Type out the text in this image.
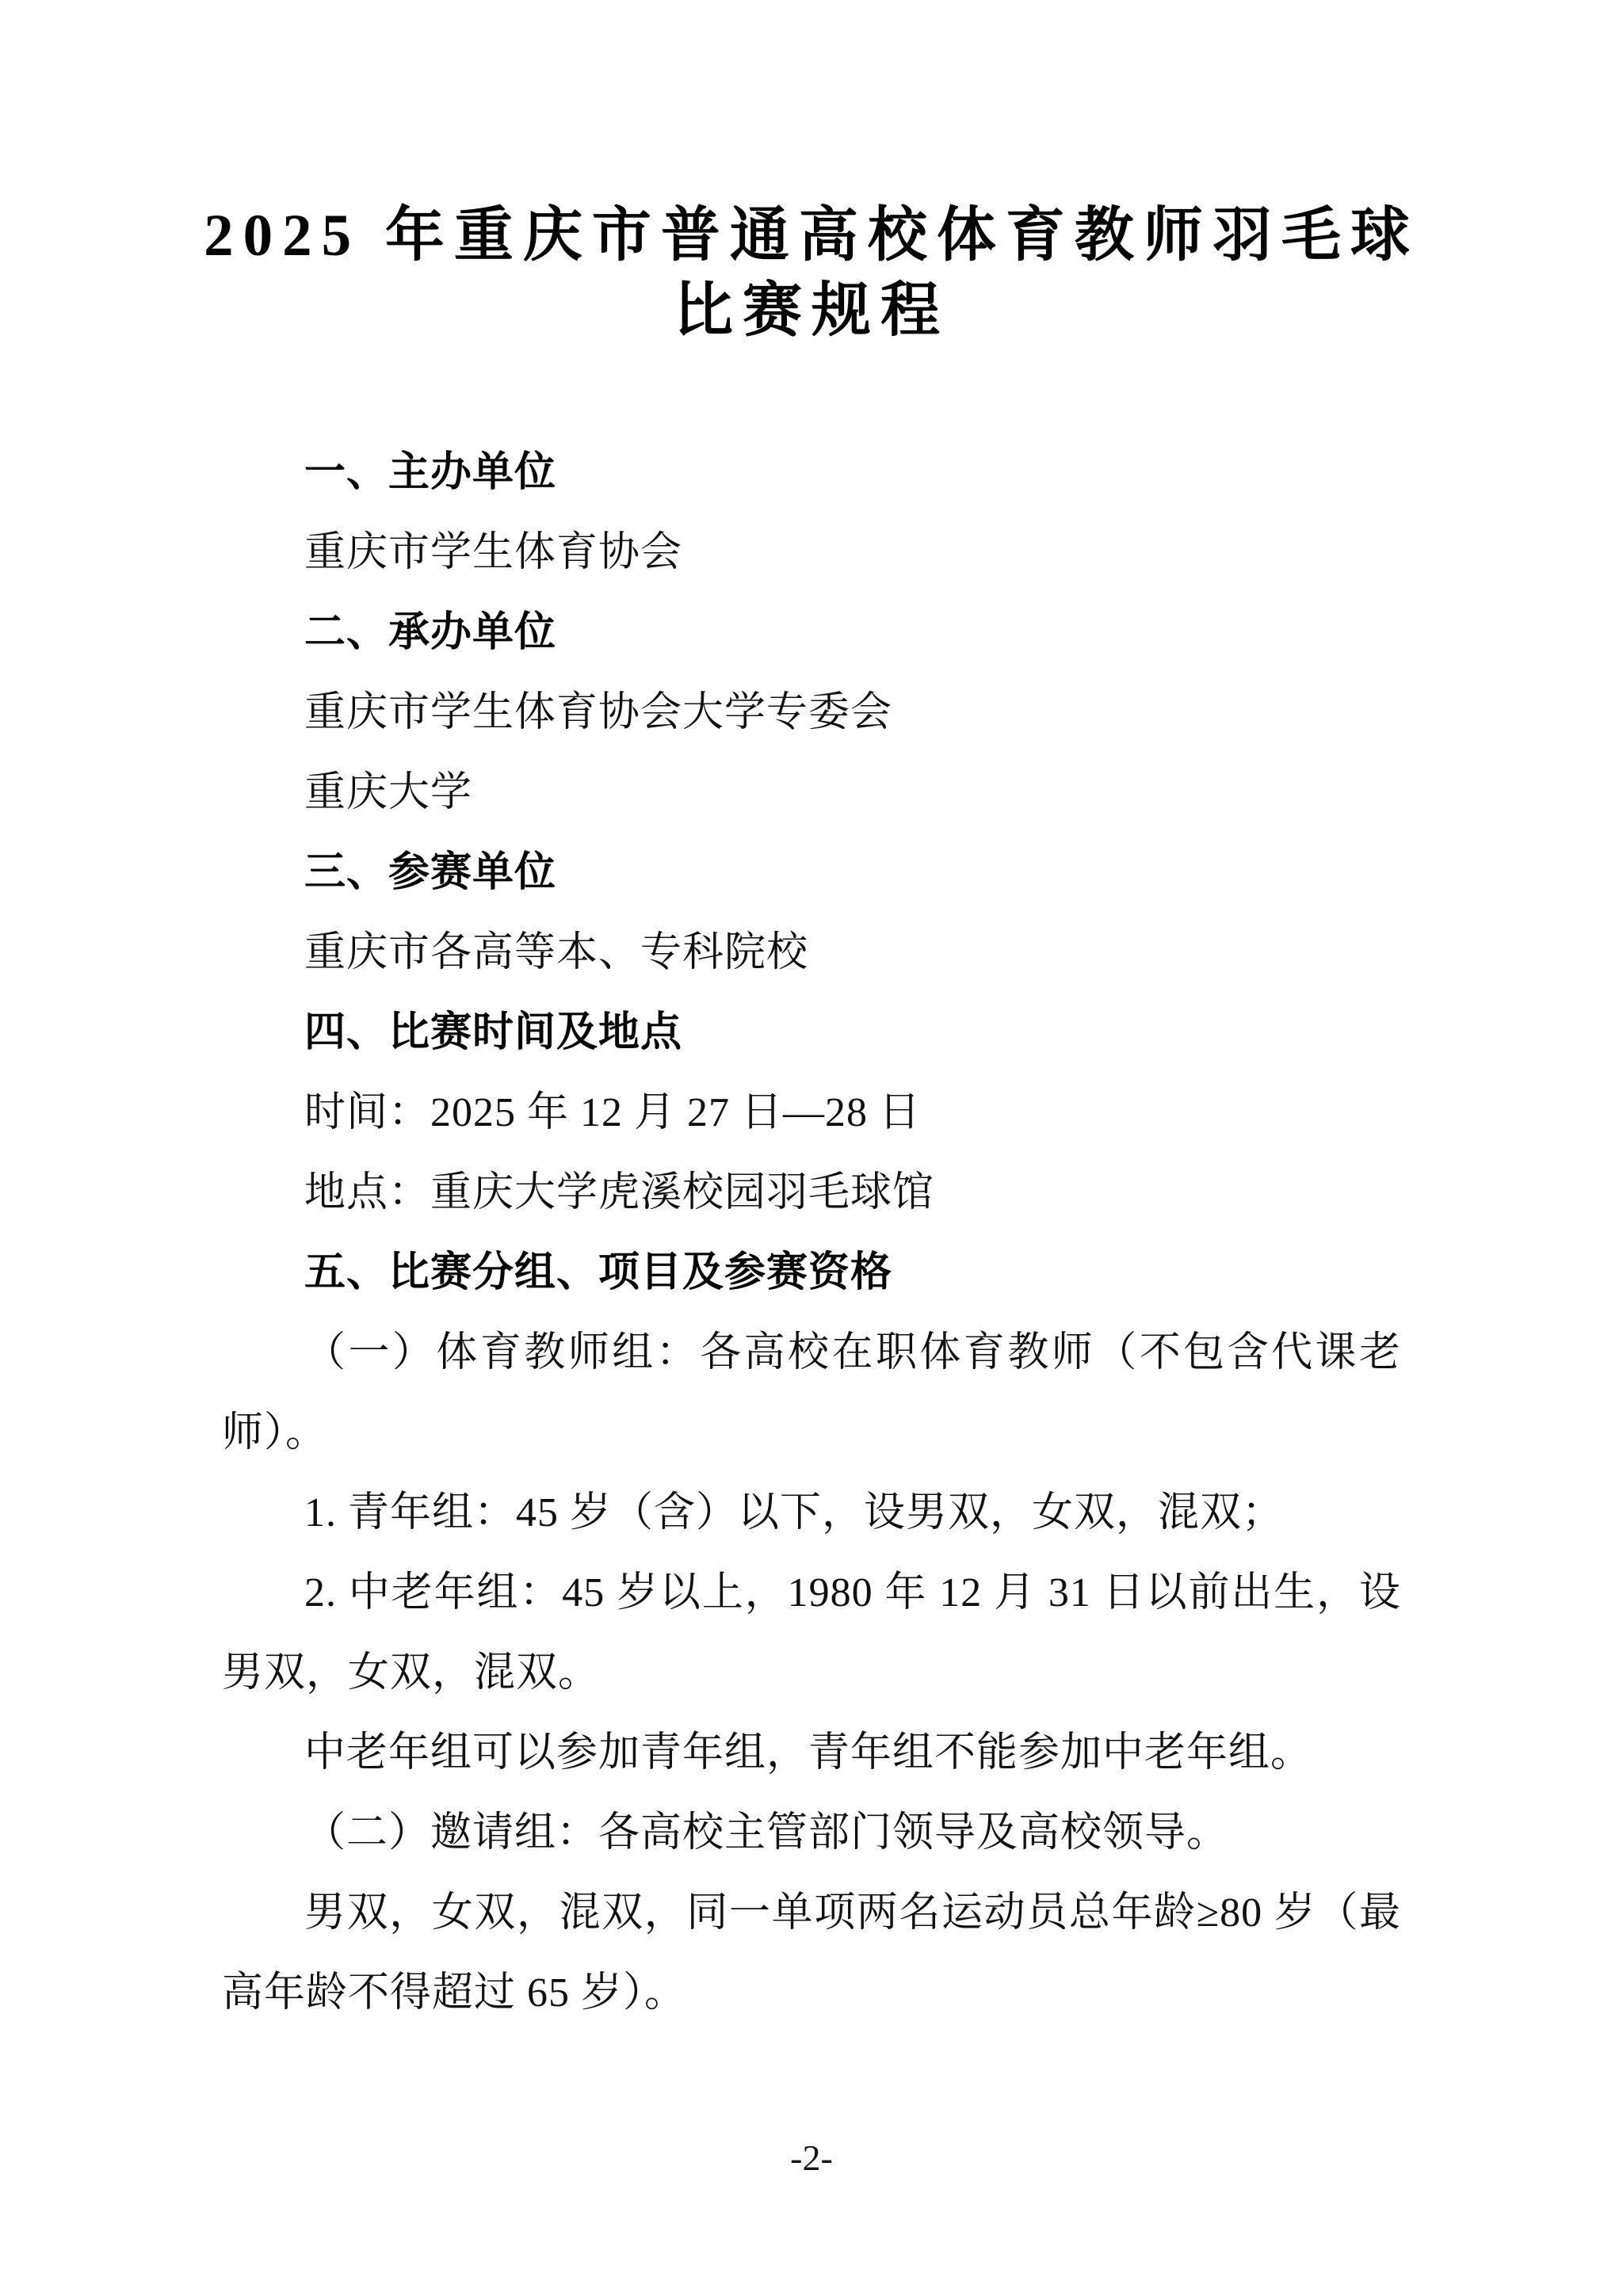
2025 年重庆市普通高校体育教师羽毛球
比赛规程

一、主办单位

重庆市学生体育协会

二、承办单位

重庆市学生体育协会大学专委会

重庆大学

三、参赛单位

重庆市各高等本、专科院校

四、比赛时间及地点

时间：2025 年 12 月 27 日—28 日

地点：重庆大学虎溪校园羽毛球馆

五、比赛分组、项目及参赛资格

（一）体育教师组：各高校在职体育教师（不包含代课老

师）。

1. 青年组：45 岁（含）以下，设男双，女双，混双；

2. 中老年组：45 岁以上，1980 年 12 月 31 日以前出生，设

男双，女双，混双。

中老年组可以参加青年组，青年组不能参加中老年组。

（二）邀请组：各高校主管部门领导及高校领导。

男双，女双，混双，同一单项两名运动员总年龄≥80 岁（最

高年龄不得超过 65 岁）。

-2-
